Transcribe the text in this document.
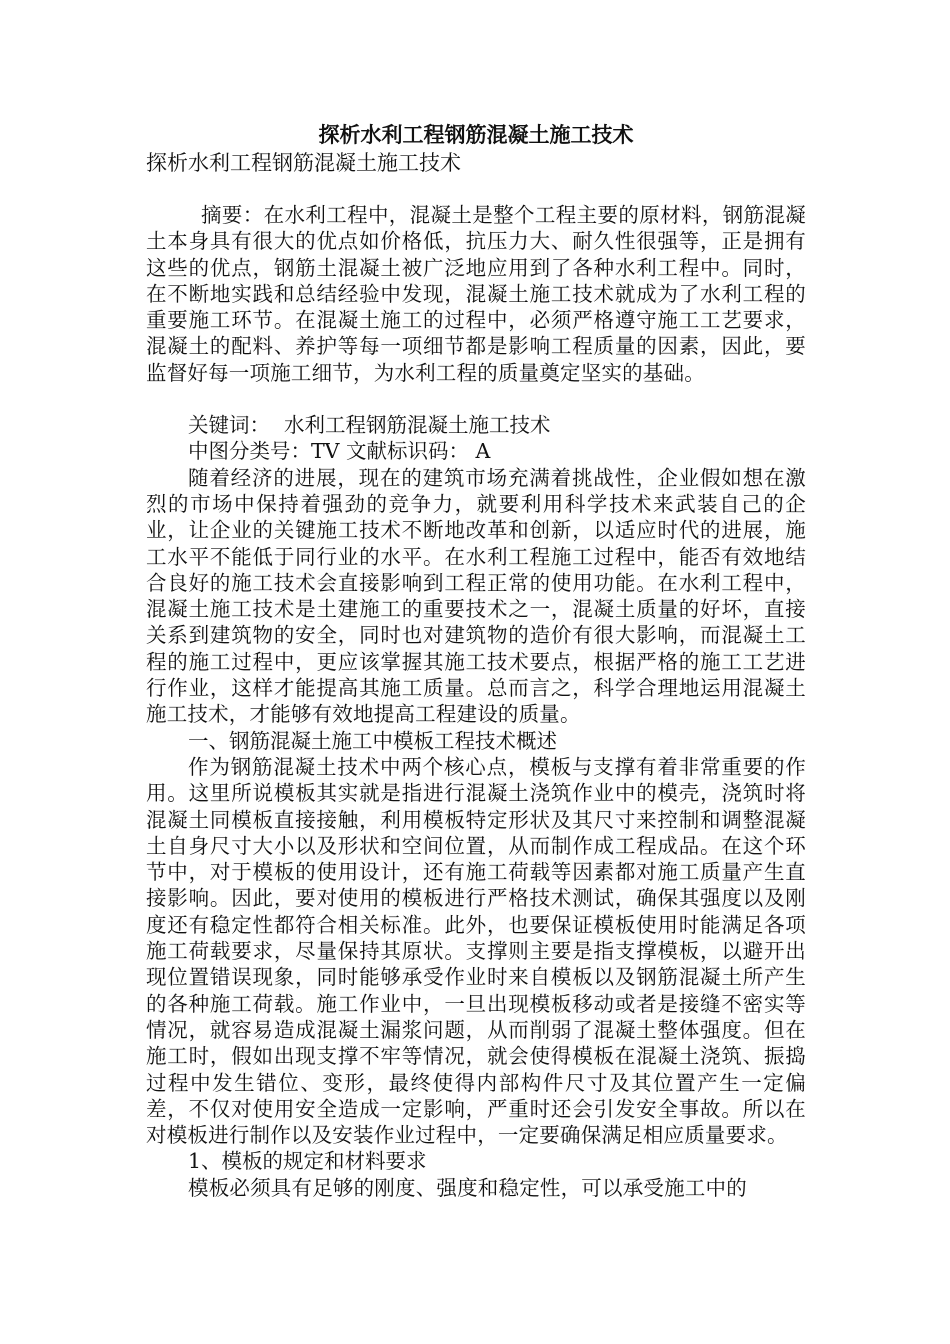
探析水利工程钢筋混凝土施工技术

探析水利工程钢筋混凝土施工技术

摘要：在水利工程中，混凝土是整个工程主要的原材料，钢筋混凝土本身具有很大的优点如价格低，抗压力大、耐久性很强等，正是拥有这些的优点，钢筋土混凝土被广泛地应用到了各种水利工程中。同时，在不断地实践和总结经验中发现，混凝土施工技术就成为了水利工程的重要施工环节。在混凝土施工的过程中，必须严格遵守施工工艺要求，混凝土的配料、养护等每一项细节都是影响工程质量的因素，因此，要监督好每一项施工细节，为水利工程的质量奠定坚实的基础。

关键词： 水利工程钢筋混凝土施工技术

中图分类号：TV 文献标识码： A

随着经济的进展，现在的建筑市场充满着挑战性，企业假如想在激烈的市场中保持着强劲的竞争力，就要利用科学技术来武装自己的企业，让企业的关键施工技术不断地改革和创新，以适应时代的进展，施工水平不能低于同行业的水平。在水利工程施工过程中，能否有效地结合良好的施工技术会直接影响到工程正常的使用功能。在水利工程中，混凝土施工技术是土建施工的重要技术之一，混凝土质量的好坏，直接关系到建筑物的安全，同时也对建筑物的造价有很大影响，而混凝土工程的施工过程中，更应该掌握其施工技术要点，根据严格的施工工艺进行作业，这样才能提高其施工质量。总而言之，科学合理地运用混凝土施工技术，才能够有效地提高工程建设的质量。

一、钢筋混凝土施工中模板工程技术概述

作为钢筋混凝土技术中两个核心点，模板与支撑有着非常重要的作用。这里所说模板其实就是指进行混凝土浇筑作业中的模壳，浇筑时将混凝土同模板直接接触，利用模板特定形状及其尺寸来控制和调整混凝土自身尺寸大小以及形状和空间位置，从而制作成工程成品。在这个环节中，对于模板的使用设计，还有施工荷载等因素都对施工质量产生直接影响。因此，要对使用的模板进行严格技术测试，确保其强度以及刚度还有稳定性都符合相关标准。此外，也要保证模板使用时能满足各项施工荷载要求，尽量保持其原状。支撑则主要是指支撑模板，以避开出现位置错误现象，同时能够承受作业时来自模板以及钢筋混凝土所产生的各种施工荷载。施工作业中，一旦出现模板移动或者是接缝不密实等情况，就容易造成混凝土漏浆问题，从而削弱了混凝土整体强度。但在施工时，假如出现支撑不牢等情况，就会使得模板在混凝土浇筑、振捣过程中发生错位、变形，最终使得内部构件尺寸及其位置产生一定偏差，不仅对使用安全造成一定影响，严重时还会引发安全事故。所以在对模板进行制作以及安装作业过程中，一定要确保满足相应质量要求。

1、模板的规定和材料要求

模板必须具有足够的刚度、强度和稳定性，可以承受施工中的
